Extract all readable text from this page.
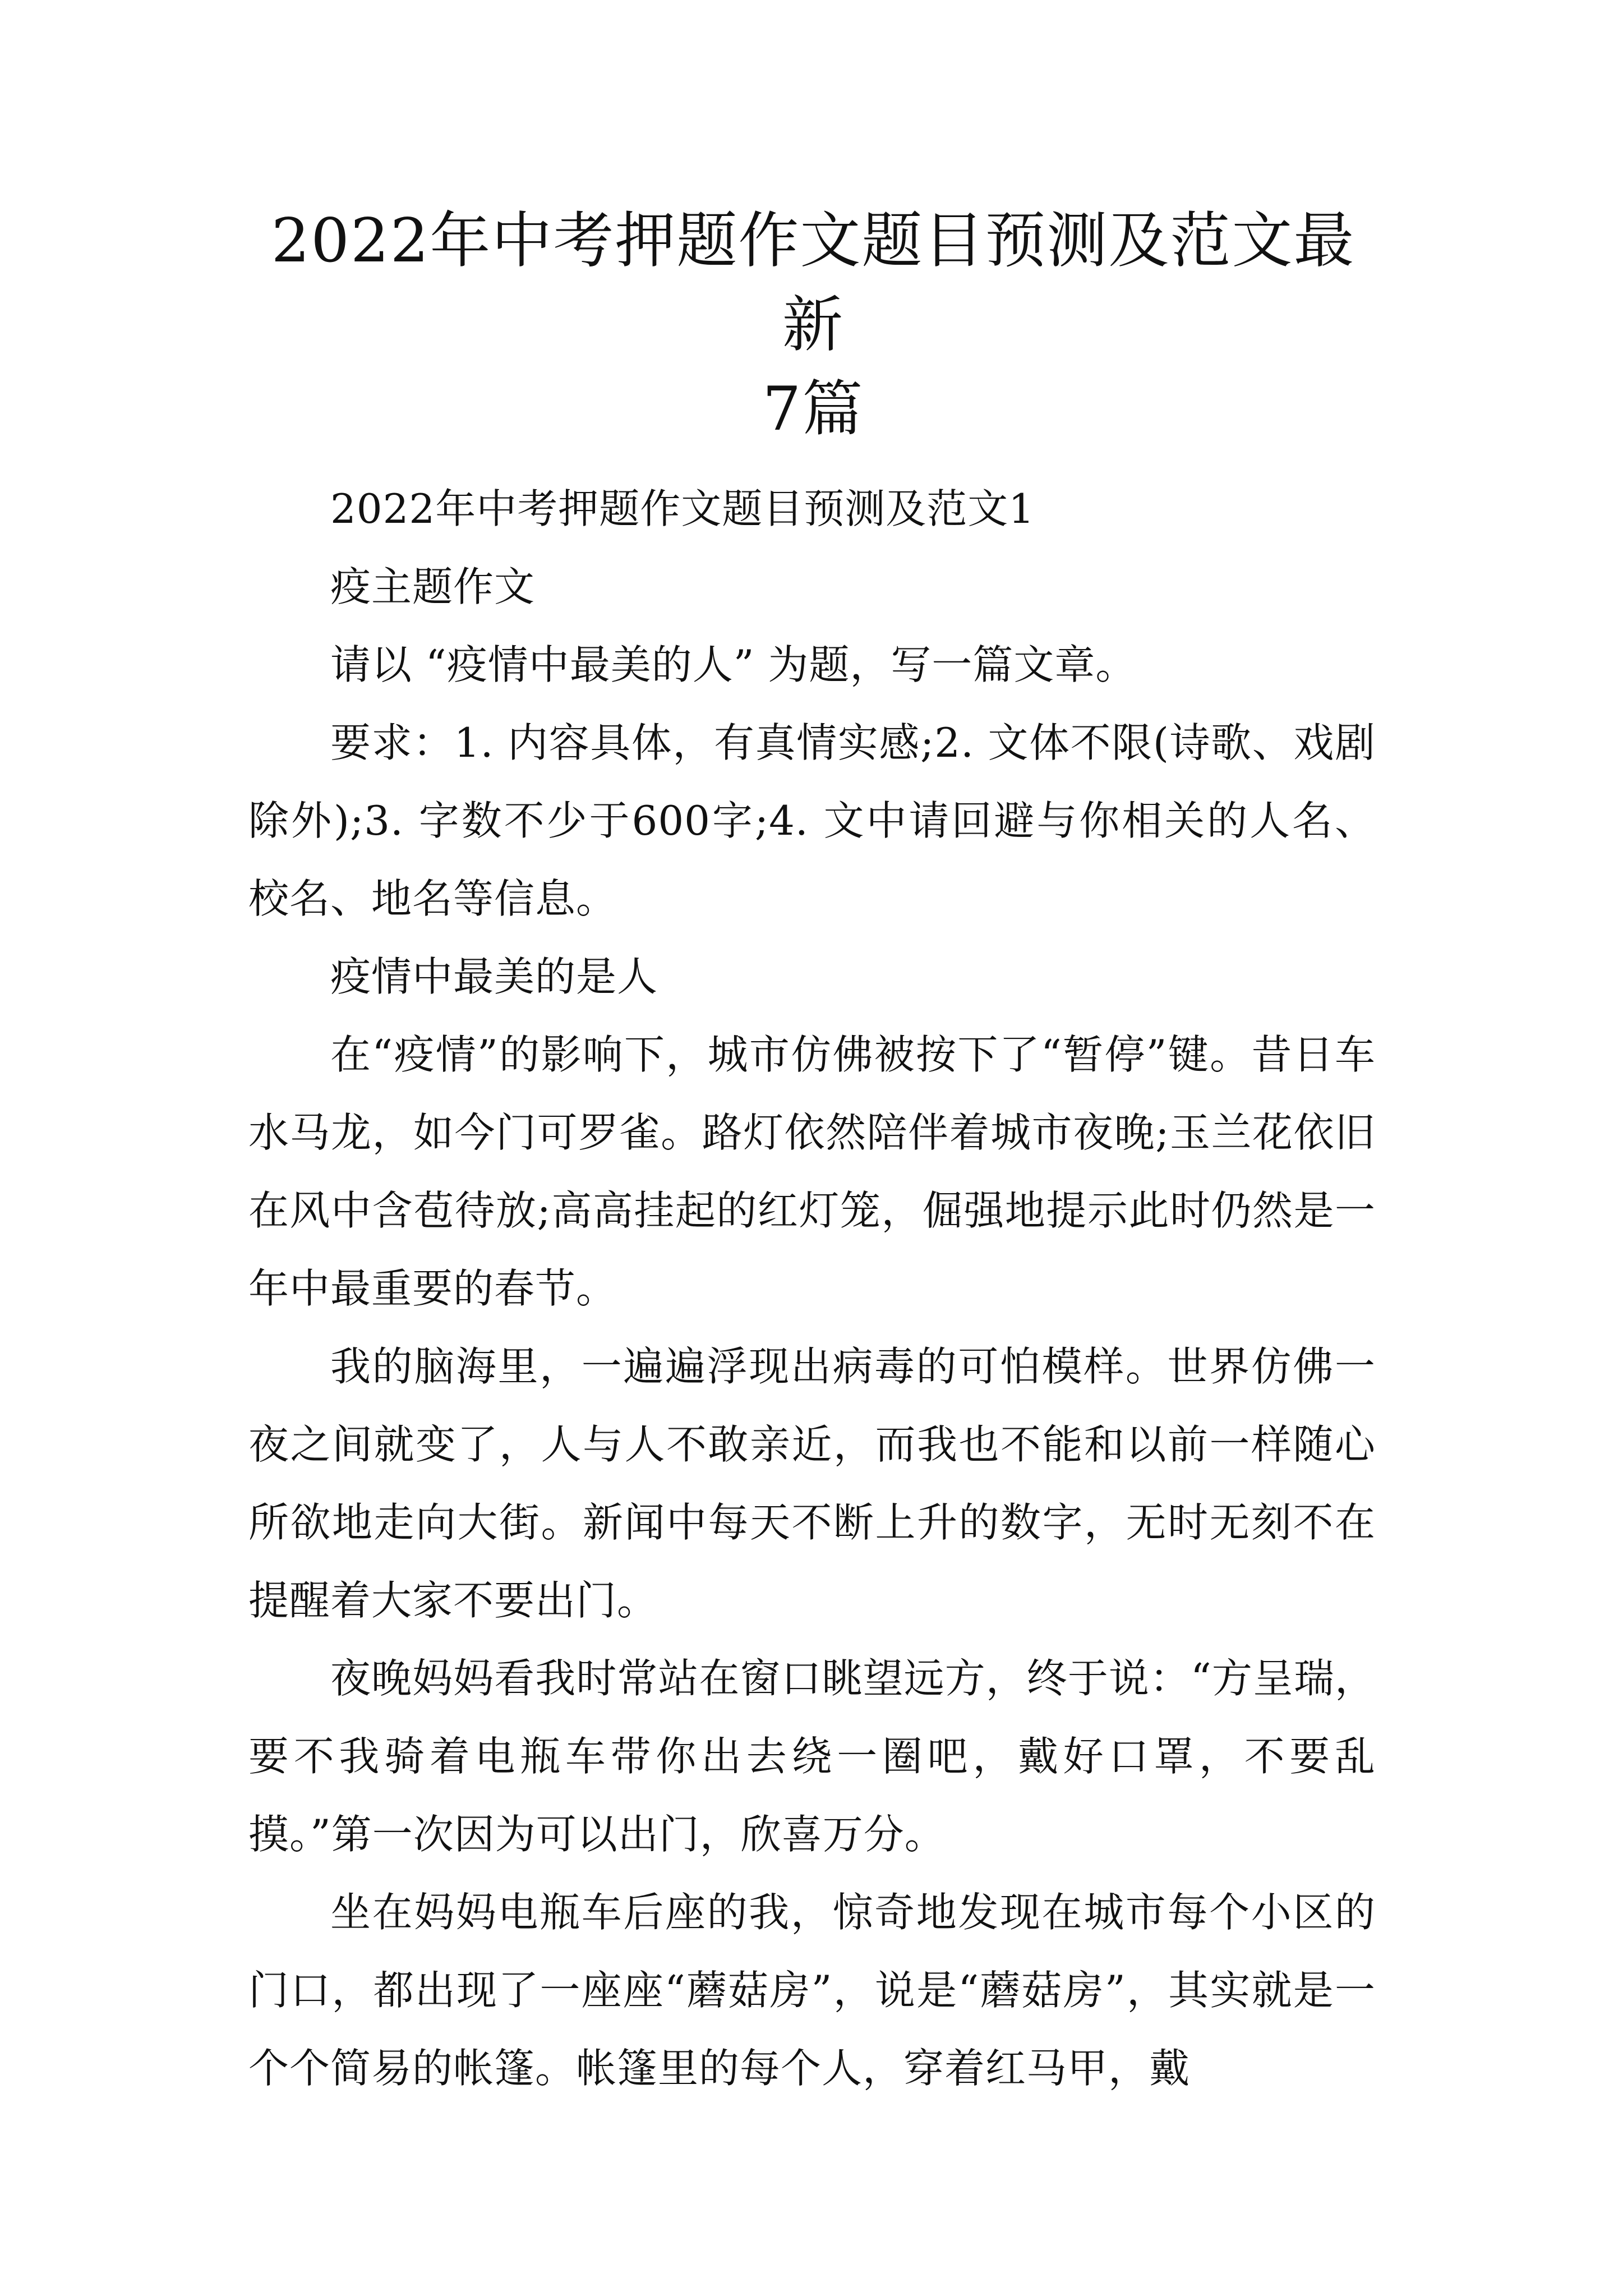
2022年中考押题作文题目预测及范文最新
7篇

2022年中考押题作文题目预测及范文1

疫主题作文

请以 “疫情中最美的人” 为题，写一篇文章。

要求：1. 内容具体，有真情实感;2. 文体不限(诗歌、戏剧除外);3. 字数不少于600字;4. 文中请回避与你相关的人名、校名、地名等信息。

疫情中最美的是人

在“疫情”的影响下，城市仿佛被按下了“暂停”键。昔日车水马龙，如今门可罗雀。路灯依然陪伴着城市夜晚;玉兰花依旧在风中含苞待放;高高挂起的红灯笼，倔强地提示此时仍然是一年中最重要的春节。

我的脑海里，一遍遍浮现出病毒的可怕模样。世界仿佛一夜之间就变了，人与人不敢亲近，而我也不能和以前一样随心所欲地走向大街。新闻中每天不断上升的数字，无时无刻不在提醒着大家不要出门。

夜晚妈妈看我时常站在窗口眺望远方，终于说：“方呈瑞，要不我骑着电瓶车带你出去绕一圈吧，戴好口罩，不要乱摸。”第一次因为可以出门，欣喜万分。

坐在妈妈电瓶车后座的我，惊奇地发现在城市每个小区的门口，都出现了一座座“蘑菇房”，说是“蘑菇房”，其实就是一个个简易的帐篷。帐篷里的每个人，穿着红马甲，戴
